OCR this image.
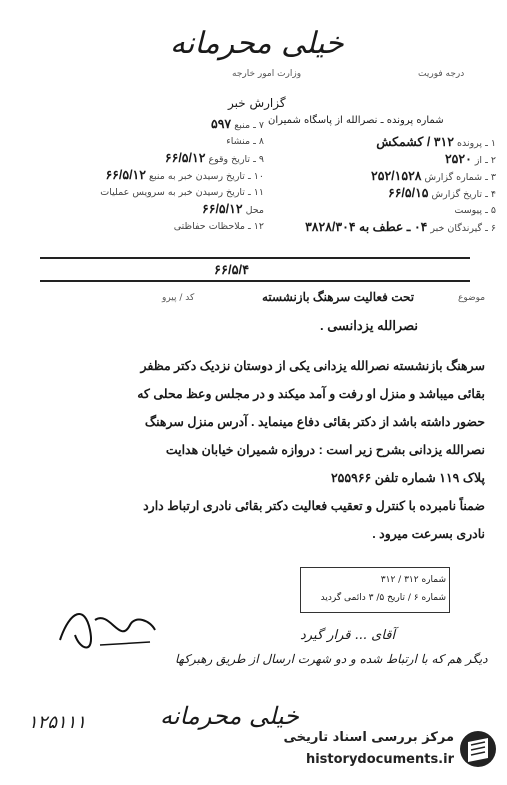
خیلی محرمانه
وزارت امور خارجه	درجه فوریت
گزارش خبر
شماره پرونده ـ نصرالله از پاسگاه شمیران
۱ ـ پرونده ۳۱۲ / کشمکش
۲ ـ از ۲۵۲۰
۳ ـ شماره گزارش ۲۵۲/۱۵۲۸
۴ ـ تاریخ گزارش ۶۶/۵/۱۵
۵ ـ پیوست
۶ ـ گیرندگان خبر ۰۴ ـ عطف به ۳۸۲۸/۳۰۴
۷ ـ منبع ۵۹۷
۸ ـ منشاء
۹ ـ تاریخ وقوع ۶۶/۵/۱۲
۱۰ ـ تاریخ رسیدن خبر به منبع ۶۶/۵/۱۲
۱۱ ـ تاریخ رسیدن خبر به سرویس عملیات
محل ۶۶/۵/۱۲
۱۲ ـ ملاحظات حفاظتی
۶۶/۵/۴
موضوع
تحت فعالیت سرهنگ بازنشسته
کد / پیرو
نصرالله یزدانسی .
سرهنگ بازنشسته نصرالله یزدانی یکی از دوستان نزدیک دکتر مظفر
بقائی میباشد و منزل او رفت و آمد میکند و در مجلس وعظ محلی که
حضور داشته باشد از دکتر بقائی دفاع مینماید . آدرس منزل سرهنگ
نصرالله یزدانی بشرح زیر است : دروازه شمیران خیابان هدایت
پلاک ۱۱۹ شماره تلفن ۲۵۵۹۶۶
ضمناً نامبرده با کنترل و تعقیب فعالیت دکتر بقائی نادری ارتباط دارد
نادری بسرعت میرود .
شماره ۳۱۲ / ۳۱۲
شماره ۶ / تاریخ ۵/ ۳ دائمی گردید
آقای ... قرار گیرد
دیگر هم که با ارتباط شده و دو شهرت ارسال از طریق رهبرکها
خیلی محرمانه
۱۲۵۱۱۱
مرکز بررسی اسناد تاریخی
historydocuments.ir
